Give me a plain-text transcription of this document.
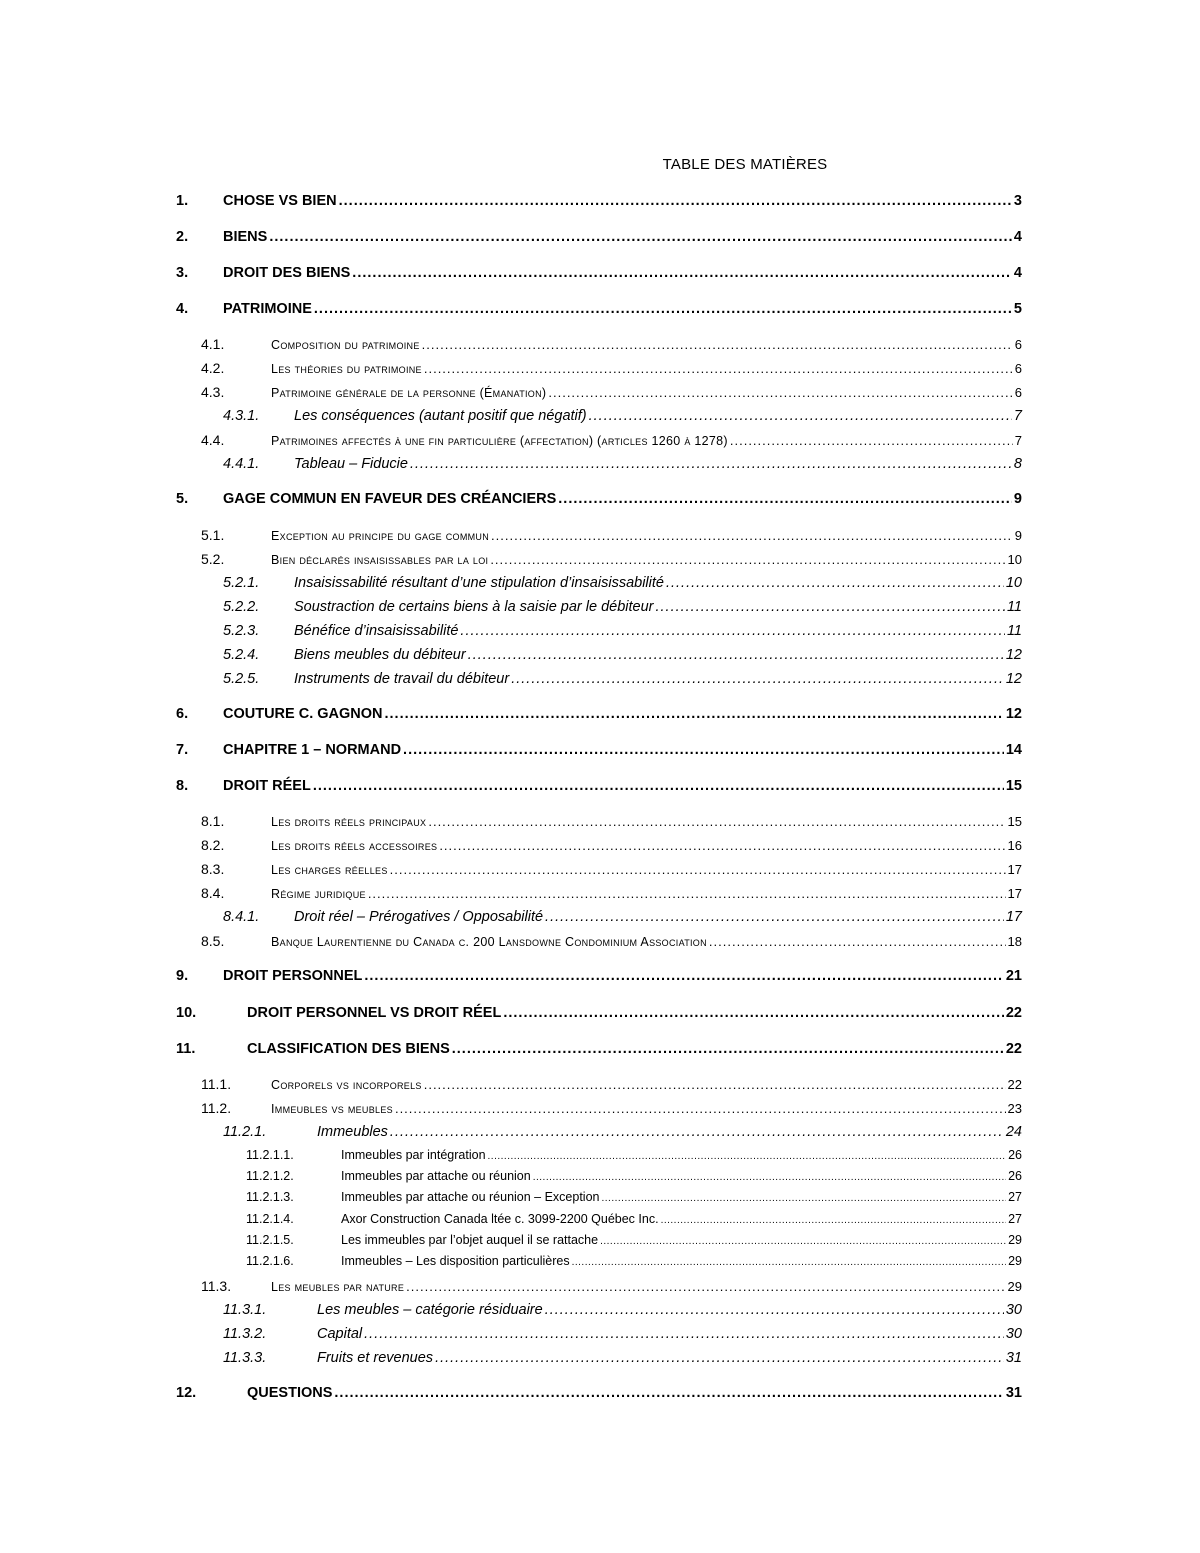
TABLE DES MATIÈRES
1.	CHOSE VS BIEN .....	3
2.	BIENS .....	4
3.	DROIT DES BIENS .....	4
4.	PATRIMOINE .....	5
4.1.	Composition du patrimoine .....	6
4.2.	Les théories du patrimoine .....	6
4.3.	Patrimoine générale de la personne (Émanation) .....	6
4.3.1.	Les conséquences (autant positif que négatif) .....	7
4.4.	Patrimoines affectés à une fin particulière (affectation) (articles 1260 à 1278) .....	7
4.4.1.	Tableau – Fiducie .....	8
5.	GAGE COMMUN EN FAVEUR DES CRÉANCIERS .....	9
5.1.	Exception au principe du gage commun .....	9
5.2.	Bien déclarés insaisissables par la loi .....	10
5.2.1.	Insaisissabilité résultant d’une stipulation d’insaisissabilité .....	10
5.2.2.	Soustraction de certains biens à la saisie par le débiteur .....	11
5.2.3.	Bénéfice d’insaisissabilité .....	11
5.2.4.	Biens meubles du débiteur .....	12
5.2.5.	Instruments de travail du débiteur .....	12
6.	COUTURE C. GAGNON .....	12
7.	CHAPITRE 1 – NORMAND .....	14
8.	DROIT RÉEL .....	15
8.1.	Les droits réels principaux .....	15
8.2.	Les droits réels accessoires .....	16
8.3.	Les charges réelles .....	17
8.4.	Régime juridique .....	17
8.4.1.	Droit réel – Prérogatives / Opposabilité .....	17
8.5.	Banque Laurentienne du Canada c. 200 Lansdowne Condominium Association .....	18
9.	DROIT PERSONNEL .....	21
10.	DROIT PERSONNEL VS DROIT RÉEL .....	22
11.	CLASSIFICATION DES BIENS .....	22
11.1.	Corporels vs incorporels .....	22
11.2.	Immeubles vs meubles .....	23
11.2.1.	Immeubles .....	24
11.2.1.1.	Immeubles par intégration .....	26
11.2.1.2.	Immeubles par attache ou réunion .....	26
11.2.1.3.	Immeubles par attache ou réunion – Exception .....	27
11.2.1.4.	Axor Construction Canada ltée c. 3099-2200 Québec Inc. .....	27
11.2.1.5.	Les immeubles par l’objet auquel il se rattache .....	29
11.2.1.6.	Immeubles – Les disposition particulières .....	29
11.3.	Les meubles par nature .....	29
11.3.1.	Les meubles – catégorie résiduaire .....	30
11.3.2.	Capital .....	30
11.3.3.	Fruits et revenues .....	31
12.	QUESTIONS .....	31
